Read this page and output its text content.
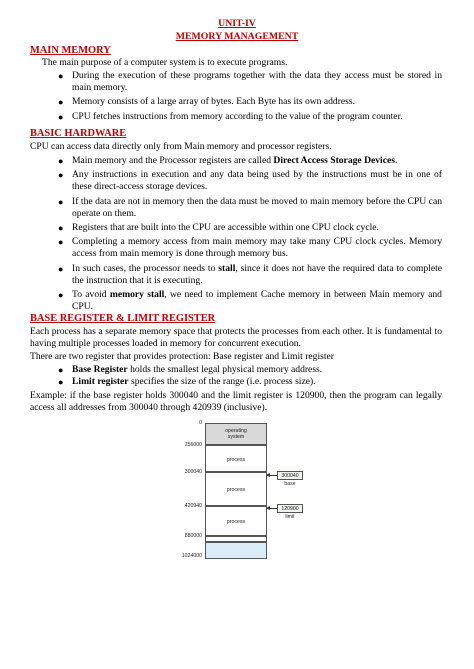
UNIT-IV
MEMORY MANAGEMENT
MAIN MEMORY
The main purpose of a computer system is to execute programs.
● During the execution of these programs together with the data they access must be stored in main memory.
● Memory consists of a large array of bytes. Each Byte has its own address.
● CPU fetches instructions from memory according to the value of the program counter.
BASIC HARDWARE
CPU can access data directly only from Main memory and processor registers.
● Main memory and the Processor registers are called Direct Access Storage Devices.
● Any instructions in execution and any data being used by the instructions must be in one of these direct-access storage devices.
● If the data are not in memory then the data must be moved to main memory before the CPU can operate on them.
● Registers that are built into the CPU are accessible within one CPU clock cycle.
● Completing a memory access from main memory may take many CPU clock cycles. Memory access from main memory is done through memory bus.
● In such cases, the processor needs to stall, since it does not have the required data to complete the instruction that it is executing.
● To avoid memory stall, we need to implement Cache memory in between Main memory and CPU.
BASE REGISTER & LIMIT REGISTER
Each process has a separate memory space that protects the processes from each other. It is fundamental to having multiple processes loaded in memory for concurrent execution.
There are two register that provides protection: Base register and Limit register
● Base Register holds the smallest legal physical memory address.
● Limit register specifies the size of the range (i.e. process size).
Example: if the base register holds 300040 and the limit register is 120900, then the program can legally access all addresses from 300040 through 420939 (inclusive).
operating
system
process
process
process
0
256000
300040
420940
880000
1024000
300040
base
120900
limit
